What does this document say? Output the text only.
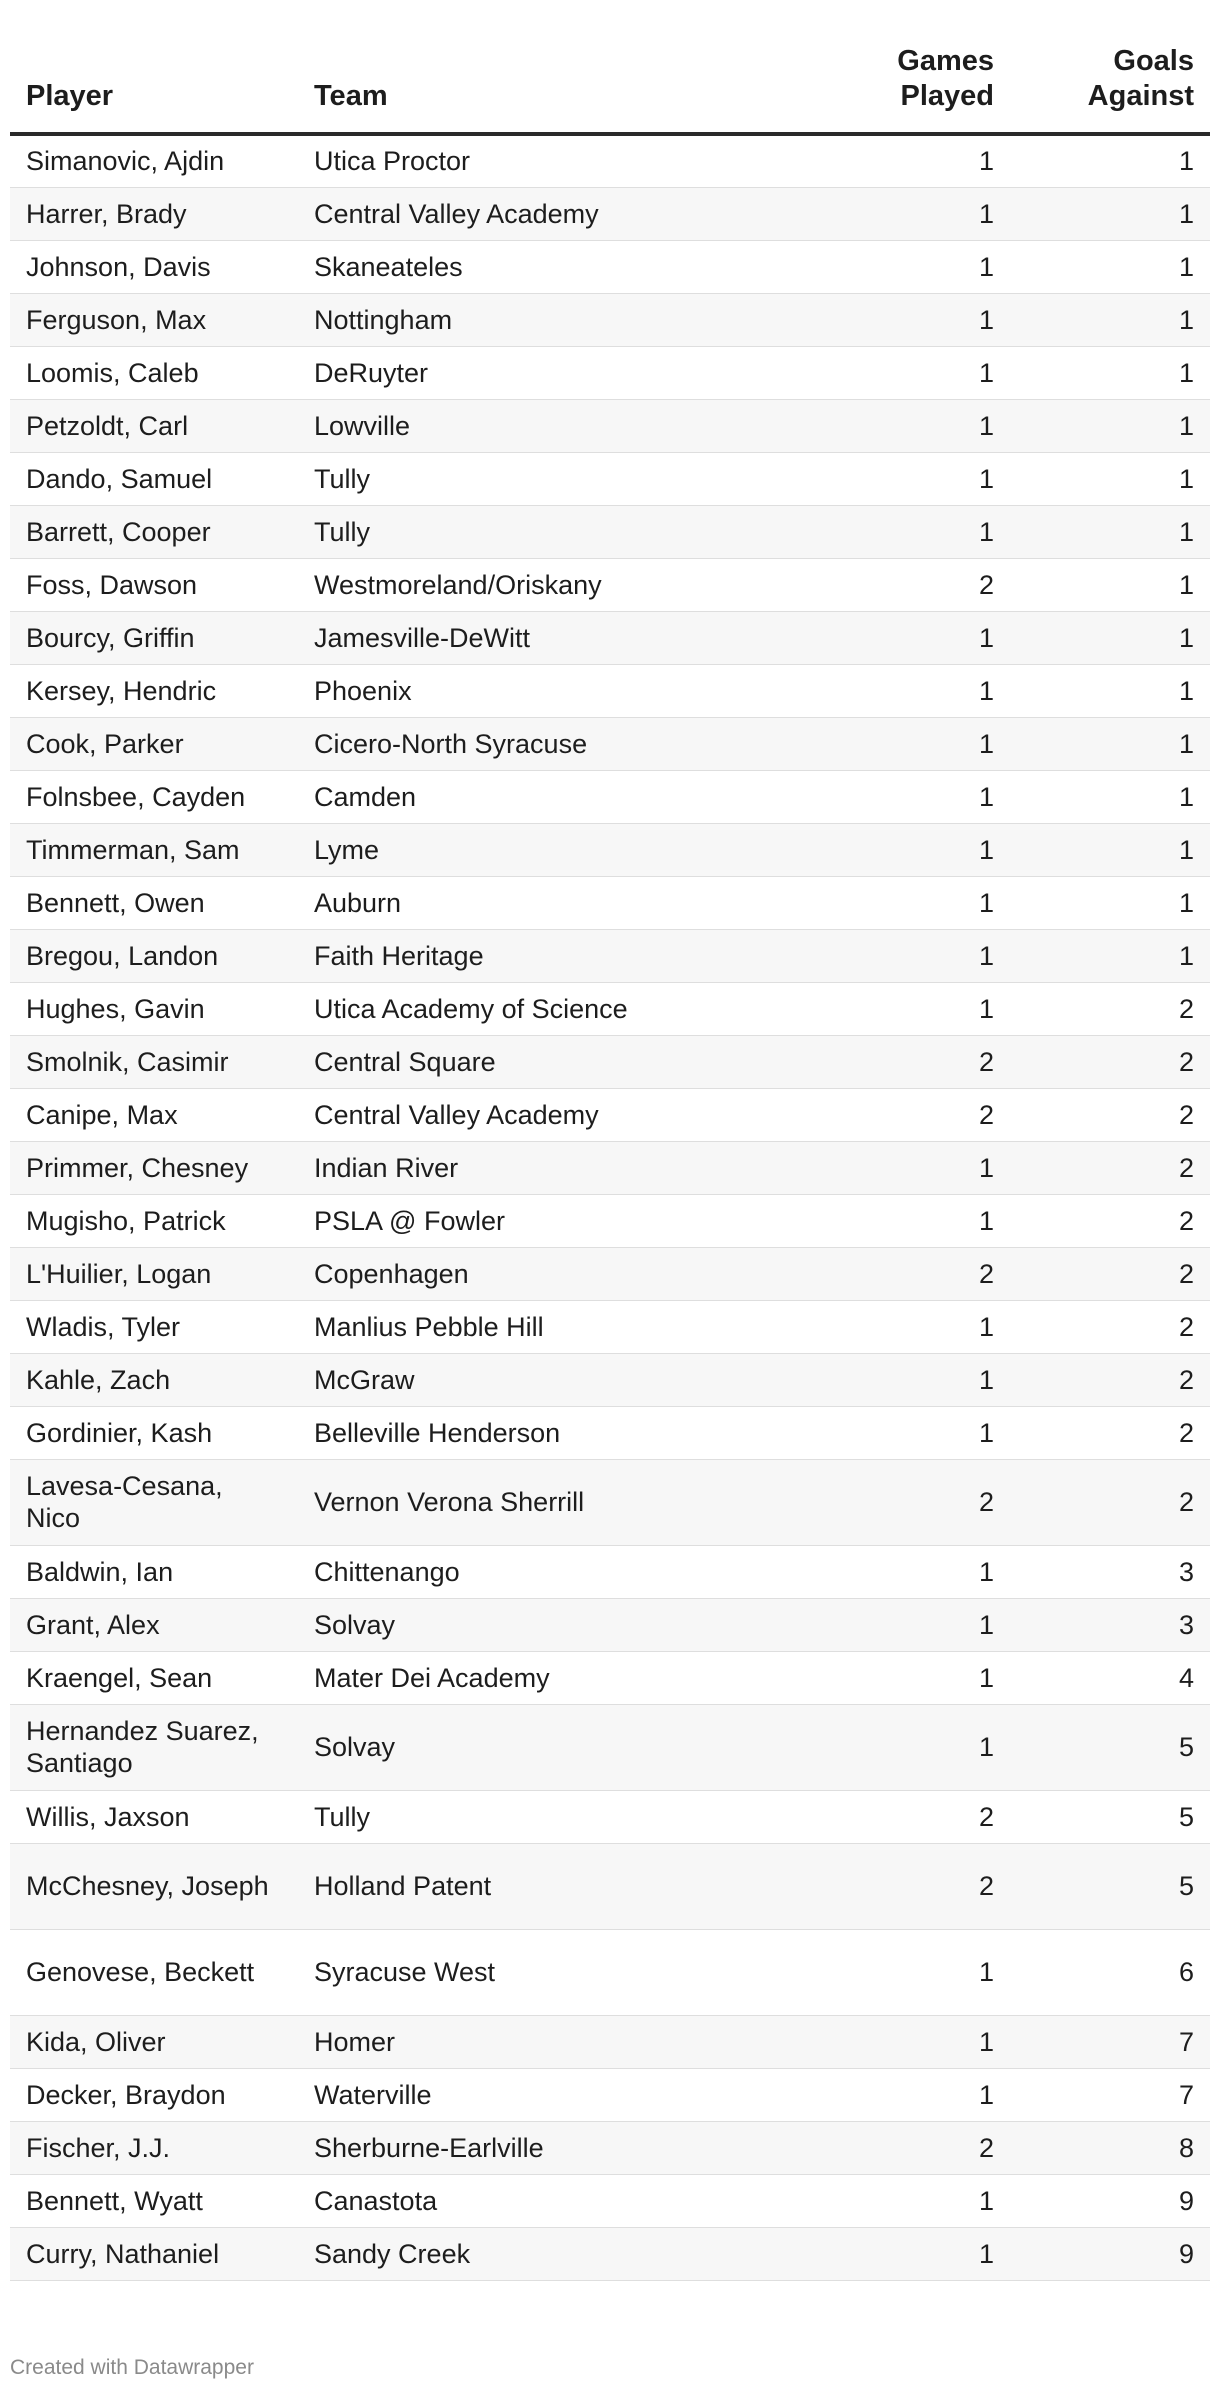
Player	Team	Games Played	Goals Against
Simanovic, Ajdin	Utica Proctor	1	1
Harrer, Brady	Central Valley Academy	1	1
Johnson, Davis	Skaneateles	1	1
Ferguson, Max	Nottingham	1	1
Loomis, Caleb	DeRuyter	1	1
Petzoldt, Carl	Lowville	1	1
Dando, Samuel	Tully	1	1
Barrett, Cooper	Tully	1	1
Foss, Dawson	Westmoreland/Oriskany	2	1
Bourcy, Griffin	Jamesville-DeWitt	1	1
Kersey, Hendric	Phoenix	1	1
Cook, Parker	Cicero-North Syracuse	1	1
Folnsbee, Cayden	Camden	1	1
Timmerman, Sam	Lyme	1	1
Bennett, Owen	Auburn	1	1
Bregou, Landon	Faith Heritage	1	1
Hughes, Gavin	Utica Academy of Science	1	2
Smolnik, Casimir	Central Square	2	2
Canipe, Max	Central Valley Academy	2	2
Primmer, Chesney	Indian River	1	2
Mugisho, Patrick	PSLA @ Fowler	1	2
L'Huilier, Logan	Copenhagen	2	2
Wladis, Tyler	Manlius Pebble Hill	1	2
Kahle, Zach	McGraw	1	2
Gordinier, Kash	Belleville Henderson	1	2
Lavesa-Cesana, Nico	Vernon Verona Sherrill	2	2
Baldwin, Ian	Chittenango	1	3
Grant, Alex	Solvay	1	3
Kraengel, Sean	Mater Dei Academy	1	4
Hernandez Suarez, Santiago	Solvay	1	5
Willis, Jaxson	Tully	2	5
McChesney, Joseph	Holland Patent	2	5
Genovese, Beckett	Syracuse West	1	6
Kida, Oliver	Homer	1	7
Decker, Braydon	Waterville	1	7
Fischer, J.J.	Sherburne-Earlville	2	8
Bennett, Wyatt	Canastota	1	9
Curry, Nathaniel	Sandy Creek	1	9
Created with Datawrapper
